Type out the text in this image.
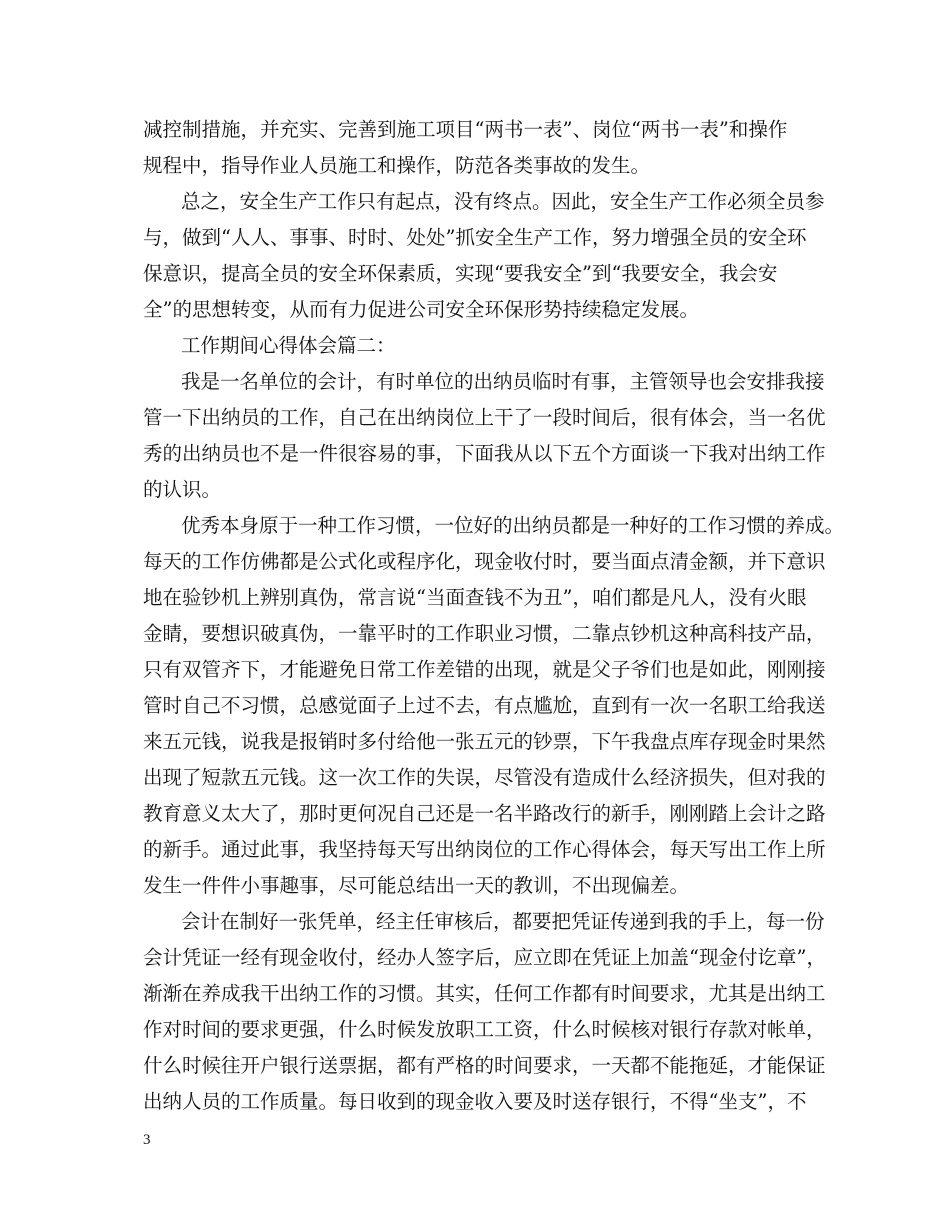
减控制措施，并充实、完善到施工项目“两书一表”、岗位“两书一表”和操作
规程中，指导作业人员施工和操作，防范各类事故的发生。
总之，安全生产工作只有起点，没有终点。因此，安全生产工作必须全员参
与，做到“人人、事事、时时、处处”抓安全生产工作，努力增强全员的安全环
保意识，提高全员的安全环保素质，实现“要我安全”到“我要安全，我会安
全”的思想转变，从而有力促进公司安全环保形势持续稳定发展。
工作期间心得体会篇二：
我是一名单位的会计，有时单位的出纳员临时有事，主管领导也会安排我接
管一下出纳员的工作，自己在出纳岗位上干了一段时间后，很有体会，当一名优
秀的出纳员也不是一件很容易的事，下面我从以下五个方面谈一下我对出纳工作
的认识。
优秀本身原于一种工作习惯，一位好的出纳员都是一种好的工作习惯的养成。
每天的工作仿佛都是公式化或程序化，现金收付时，要当面点清金额，并下意识
地在验钞机上辨别真伪，常言说“当面查钱不为丑”，咱们都是凡人，没有火眼
金睛，要想识破真伪，一靠平时的工作职业习惯，二靠点钞机这种高科技产品，
只有双管齐下，才能避免日常工作差错的出现，就是父子爷们也是如此，刚刚接
管时自己不习惯，总感觉面子上过不去，有点尴尬，直到有一次一名职工给我送
来五元钱，说我是报销时多付给他一张五元的钞票，下午我盘点库存现金时果然
出现了短款五元钱。这一次工作的失误，尽管没有造成什么经济损失，但对我的
教育意义太大了，那时更何况自己还是一名半路改行的新手，刚刚踏上会计之路
的新手。通过此事，我坚持每天写出纳岗位的工作心得体会，每天写出工作上所
发生一件件小事趣事，尽可能总结出一天的教训，不出现偏差。
会计在制好一张凭单，经主任审核后，都要把凭证传递到我的手上，每一份
会计凭证一经有现金收付，经办人签字后，应立即在凭证上加盖“现金付讫章”，
渐渐在养成我干出纳工作的习惯。其实，任何工作都有时间要求，尤其是出纳工
作对时间的要求更强，什么时候发放职工工资，什么时候核对银行存款对帐单，
什么时候往开户银行送票据，都有严格的时间要求，一天都不能拖延，才能保证
出纳人员的工作质量。每日收到的现金收入要及时送存银行，不得“坐支”，不
3
